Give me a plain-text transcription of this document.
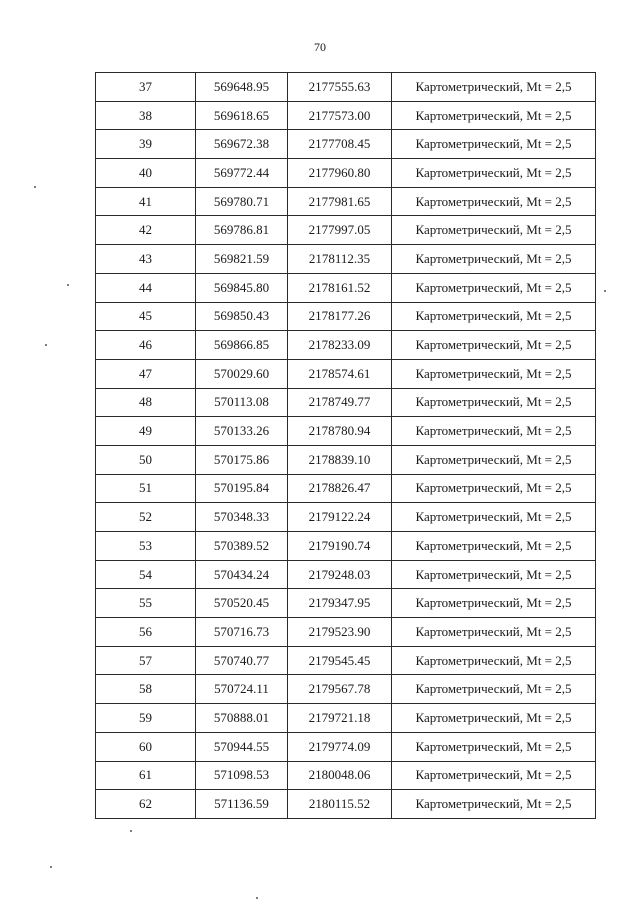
70
37	569648.95	2177555.63	Картометрический, Mt = 2,5
38	569618.65	2177573.00	Картометрический, Mt = 2,5
39	569672.38	2177708.45	Картометрический, Mt = 2,5
40	569772.44	2177960.80	Картометрический, Mt = 2,5
41	569780.71	2177981.65	Картометрический, Mt = 2,5
42	569786.81	2177997.05	Картометрический, Mt = 2,5
43	569821.59	2178112.35	Картометрический, Mt = 2,5
44	569845.80	2178161.52	Картометрический, Mt = 2,5
45	569850.43	2178177.26	Картометрический, Mt = 2,5
46	569866.85	2178233.09	Картометрический, Mt = 2,5
47	570029.60	2178574.61	Картометрический, Mt = 2,5
48	570113.08	2178749.77	Картометрический, Mt = 2,5
49	570133.26	2178780.94	Картометрический, Mt = 2,5
50	570175.86	2178839.10	Картометрический, Mt = 2,5
51	570195.84	2178826.47	Картометрический, Mt = 2,5
52	570348.33	2179122.24	Картометрический, Mt = 2,5
53	570389.52	2179190.74	Картометрический, Mt = 2,5
54	570434.24	2179248.03	Картометрический, Mt = 2,5
55	570520.45	2179347.95	Картометрический, Mt = 2,5
56	570716.73	2179523.90	Картометрический, Mt = 2,5
57	570740.77	2179545.45	Картометрический, Mt = 2,5
58	570724.11	2179567.78	Картометрический, Mt = 2,5
59	570888.01	2179721.18	Картометрический, Mt = 2,5
60	570944.55	2179774.09	Картометрический, Mt = 2,5
61	571098.53	2180048.06	Картометрический, Mt = 2,5
62	571136.59	2180115.52	Картометрический, Mt = 2,5
